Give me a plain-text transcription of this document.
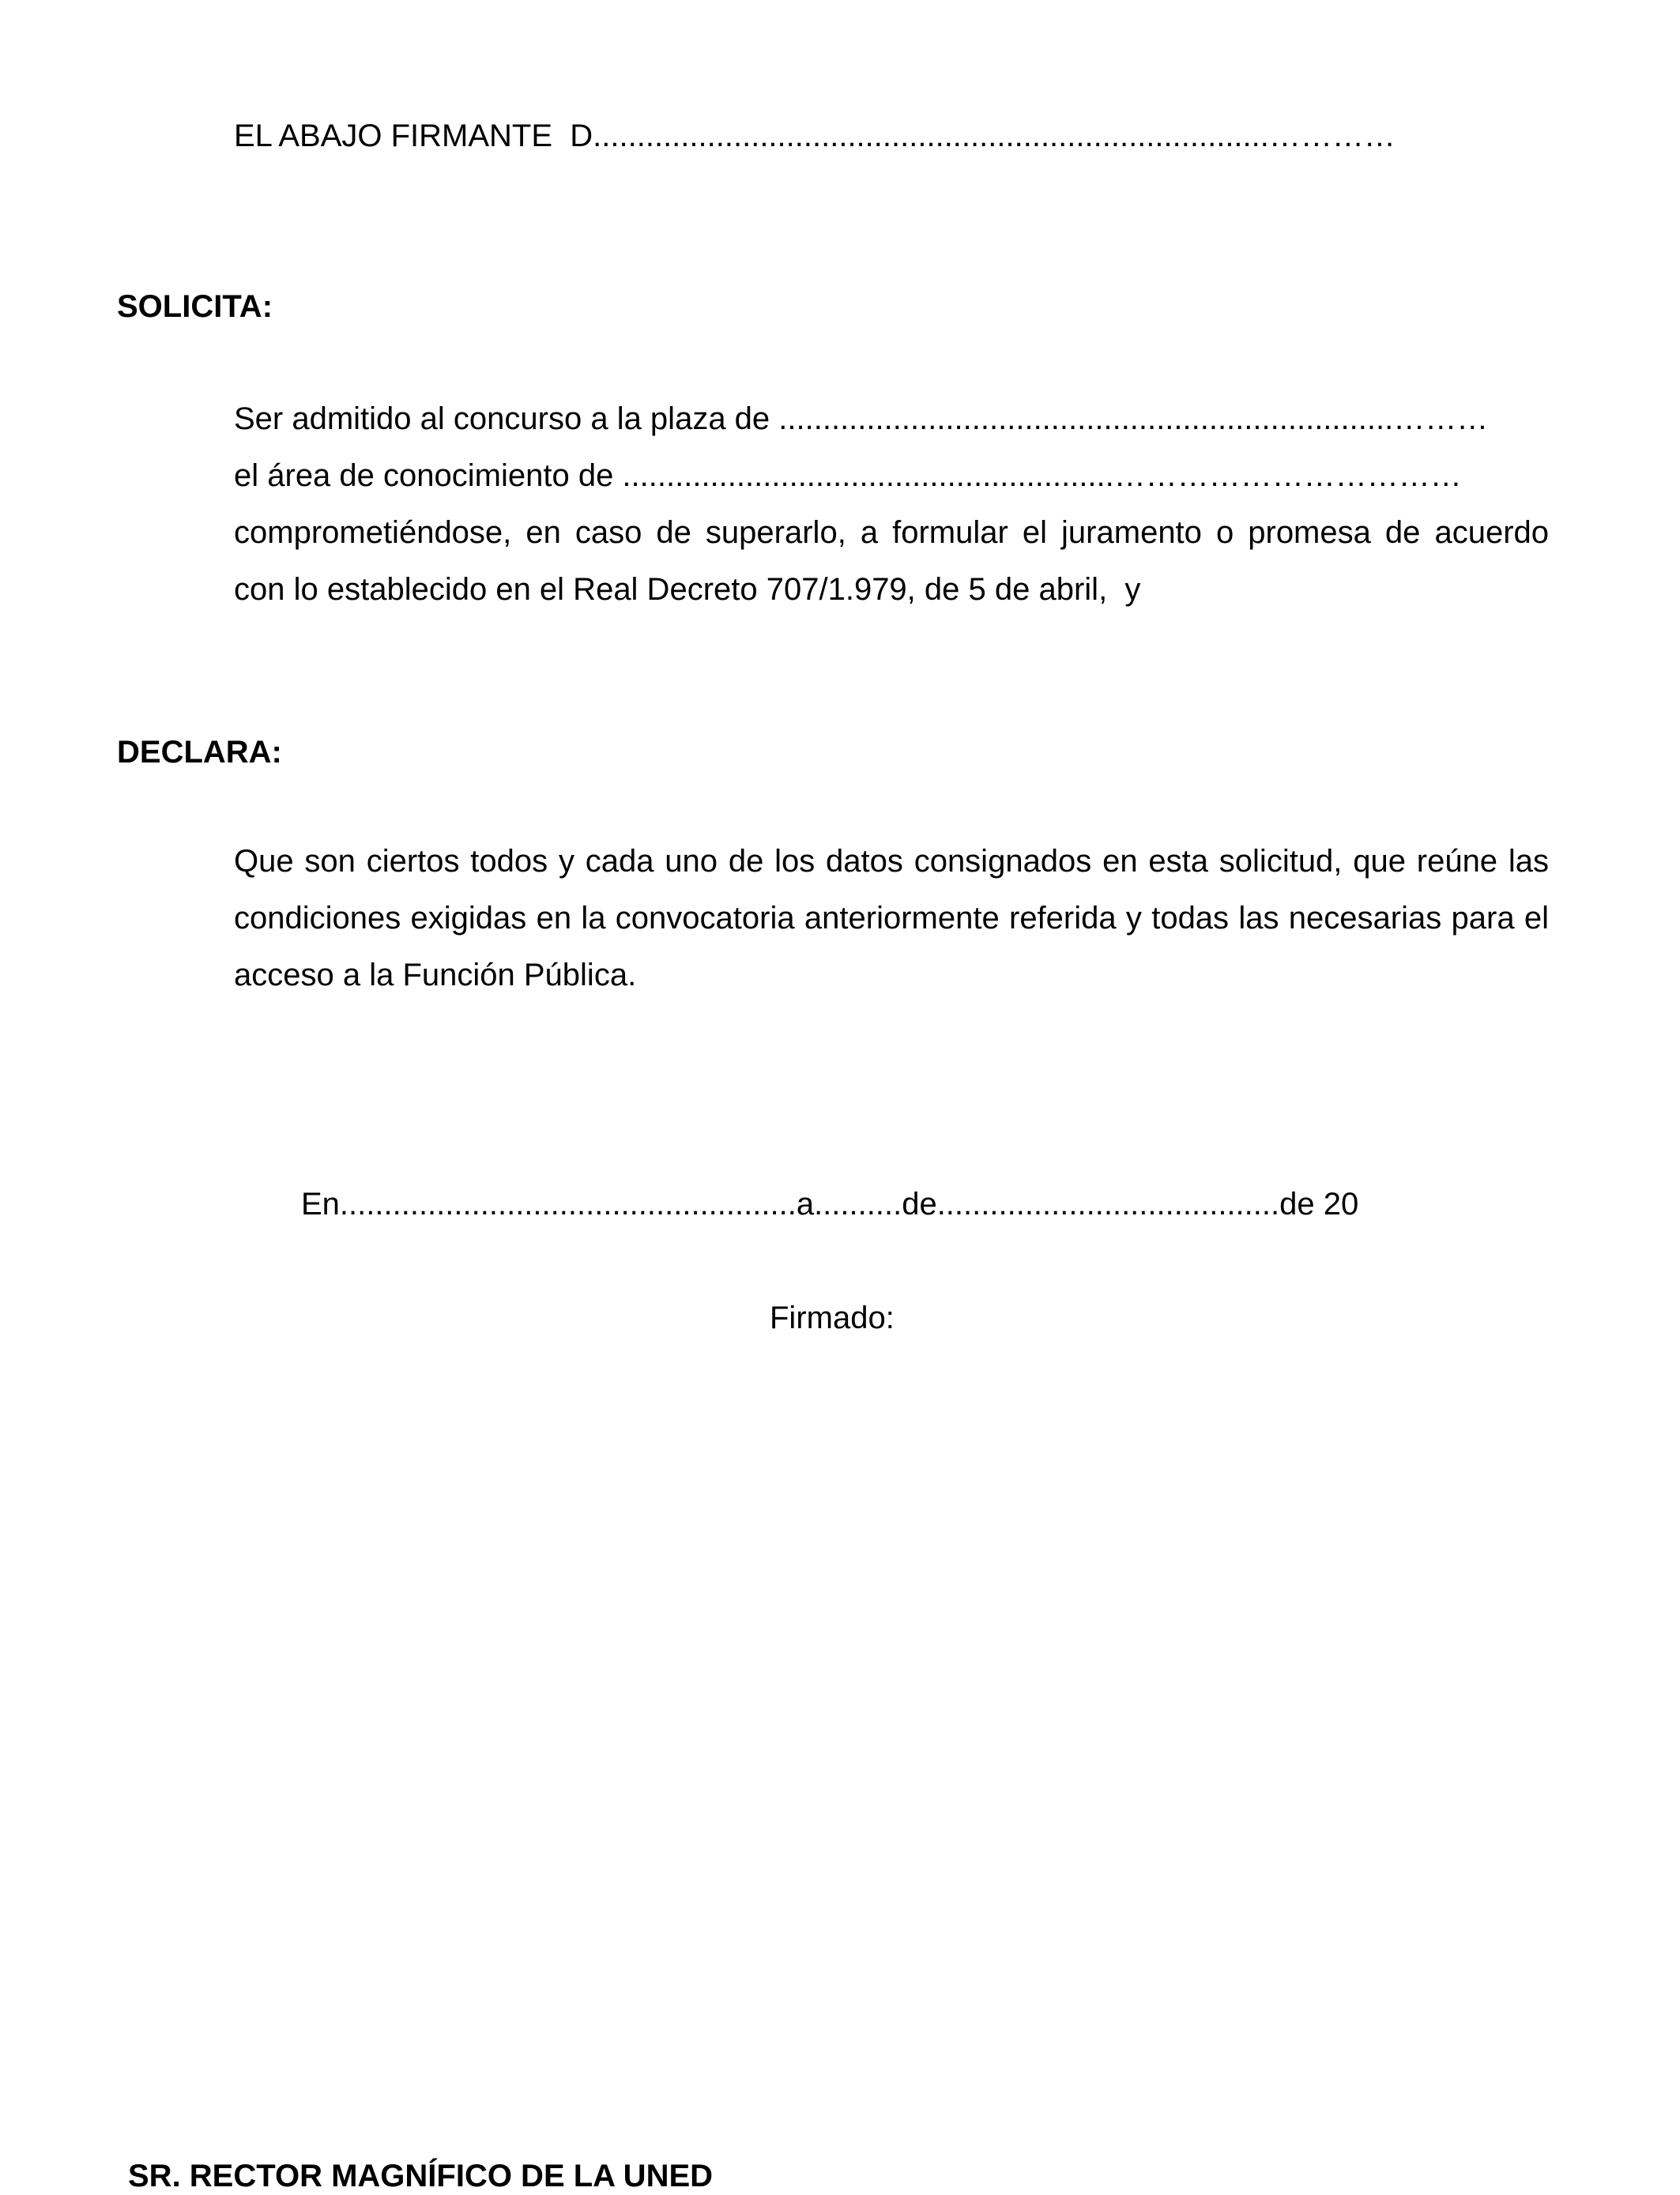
EL ABAJO FIRMANTE  D.............................................................................…………
SOLICITA:
Ser admitido al concurso a la plaza de ......................................................................………
el área de conocimiento de ........................................................……………………………
comprometiéndose, en caso de superarlo, a formular el juramento o promesa de acuerdo
con lo establecido en el Real Decreto 707/1.979, de 5 de abril,  y
DECLARA:
Que son ciertos todos y cada uno de los datos consignados en esta solicitud, que reúne las condiciones exigidas en la convocatoria anteriormente referida y todas las necesarias para el acceso a la Función Pública.
En....................................................a..........de.......................................de 20
Firmado:
SR. RECTOR MAGNÍFICO DE LA UNED
